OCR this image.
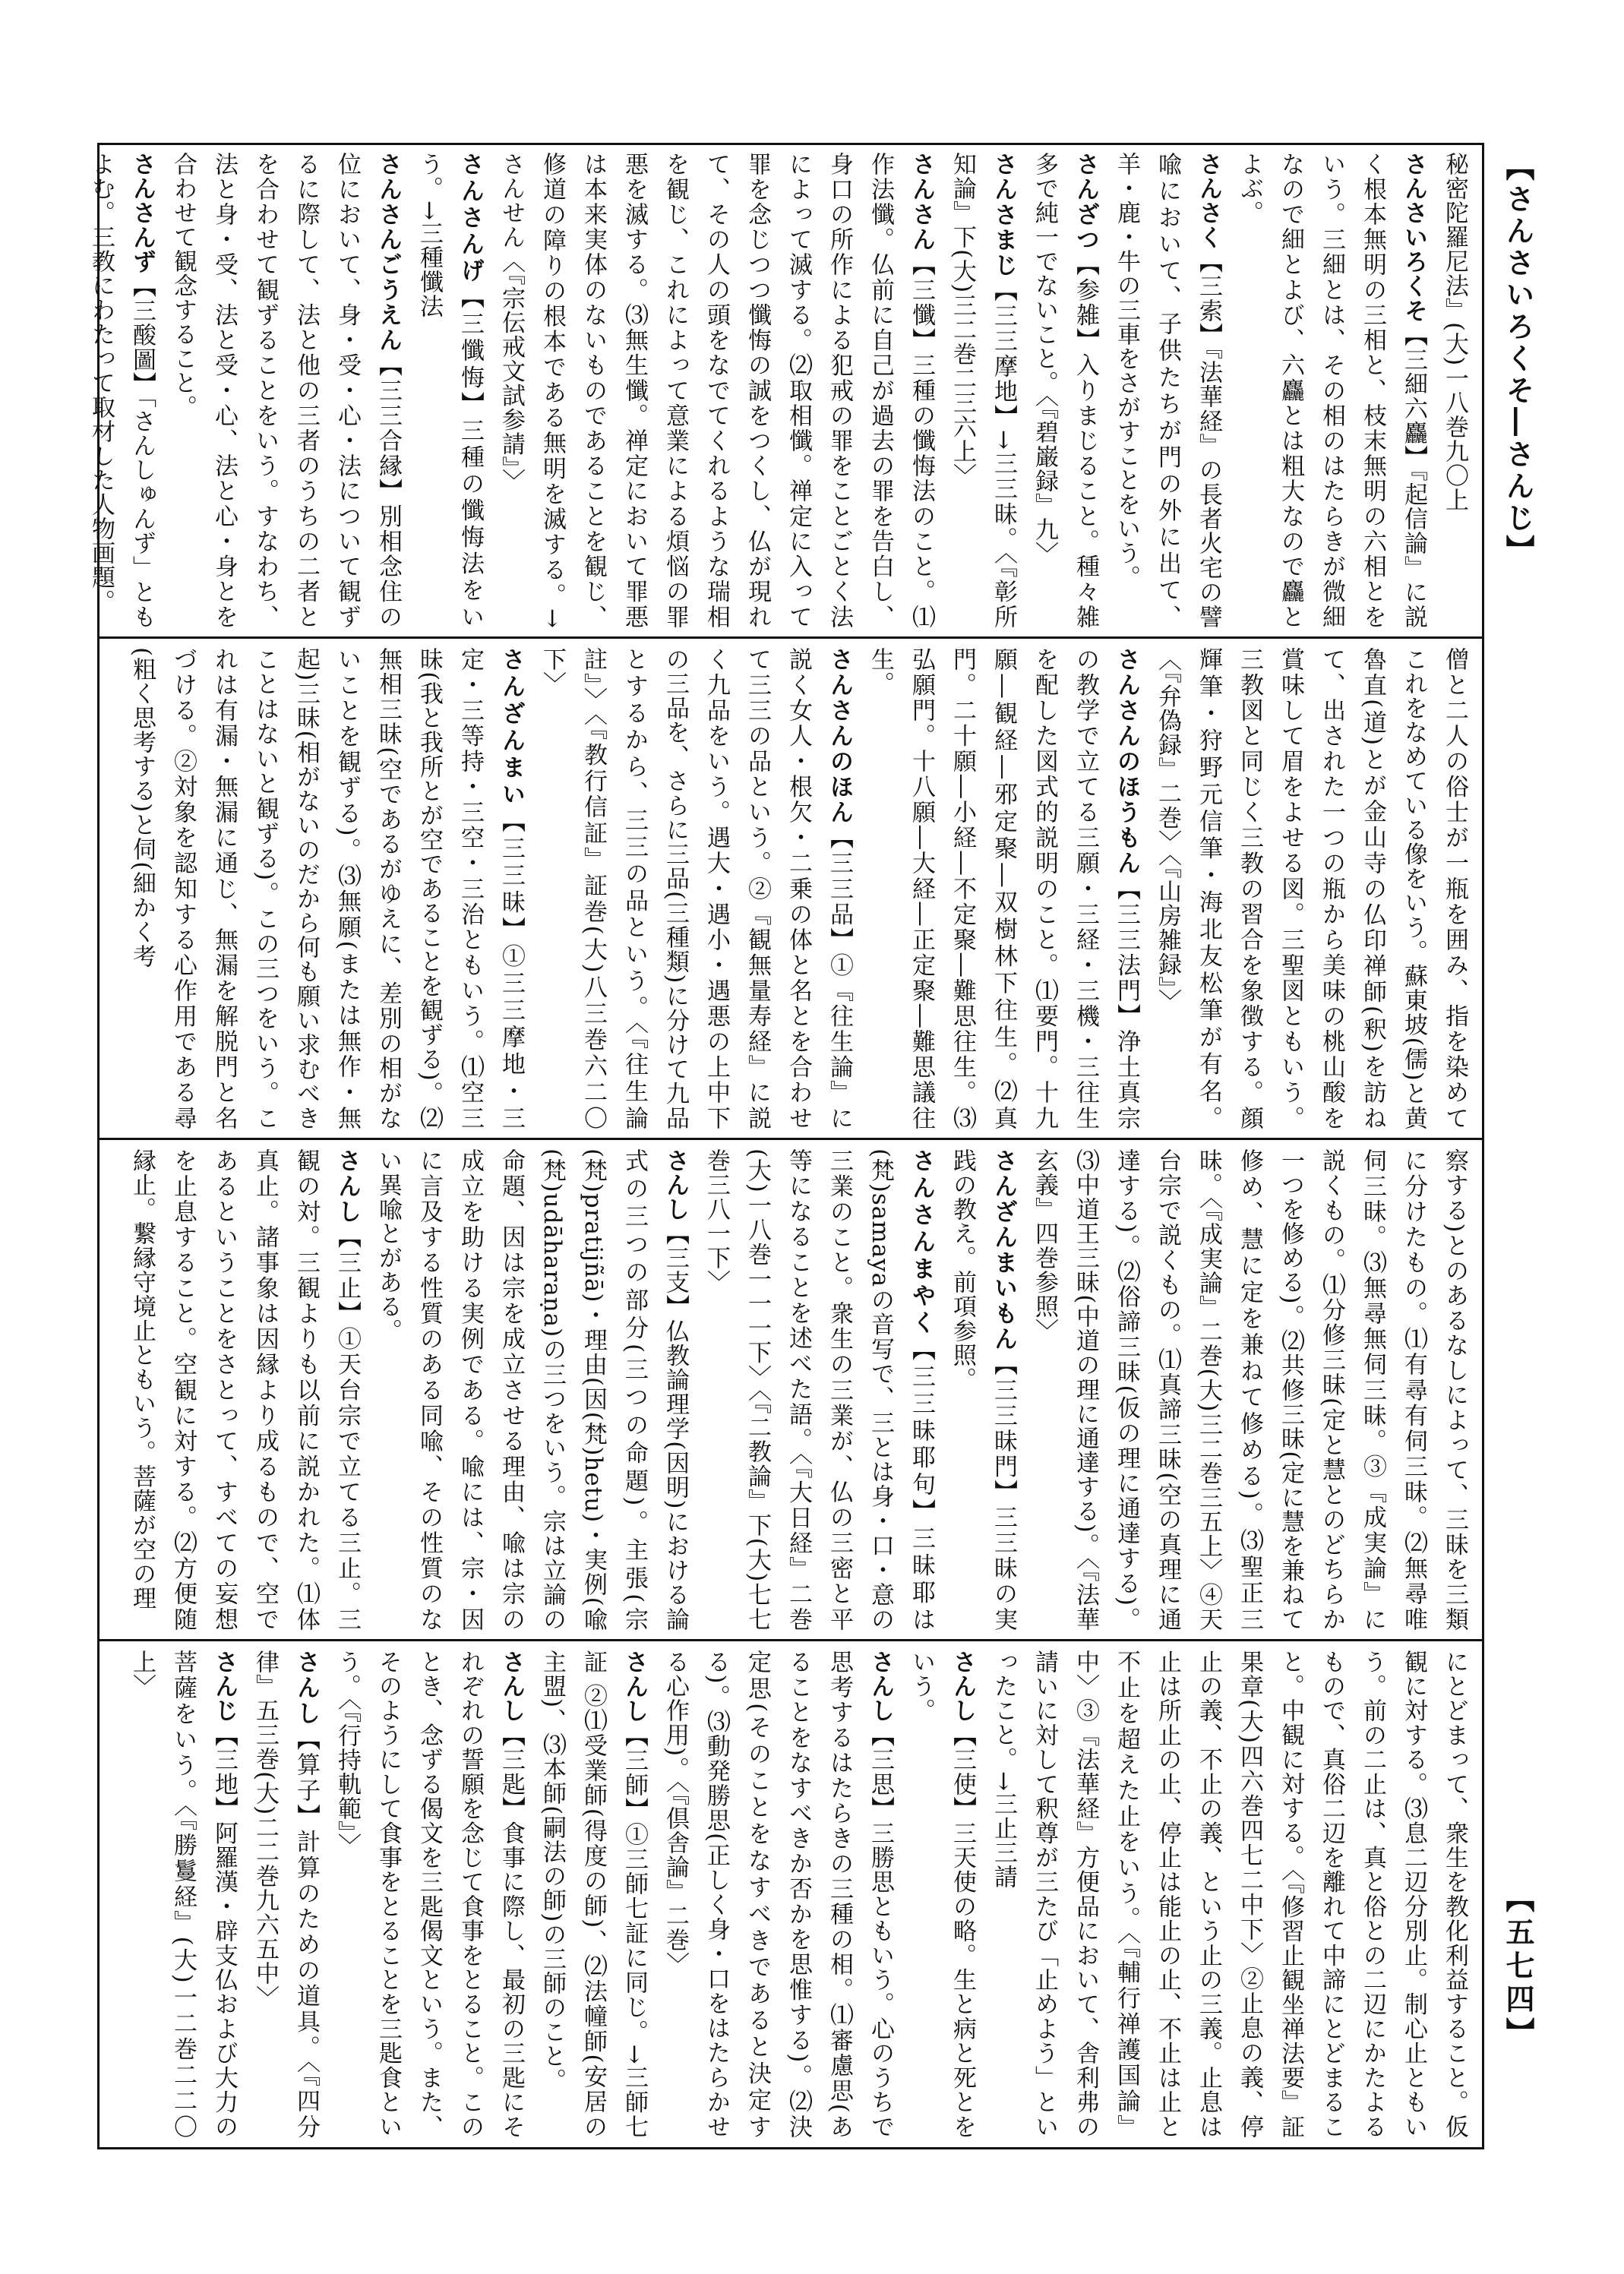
【さんさいろくそ―さんじ】
【五七四】
秘密陀羅尼法』(大)一八巻九〇上
さんさいろくそ【三細六麤】『起信論』に説く根本無明の三相と、枝末無明の六相とをいう。三細とは、その相のはたらきが微細なので細とよび、六麤とは粗大なので麤とよぶ。
さんさく【三索】『法華経』の長者火宅の譬喩において、子供たちが門の外に出て、羊・鹿・牛の三車をさがすことをいう。
さんざつ【参雑】入りまじること。種々雑多で純一でないこと。〈『碧巌録』九〉
さんさまじ【三三摩地】→三三昧。〈『彰所知論』下(大)三二巻二三六上〉
さんさん【三懺】三種の懺悔法のこと。⑴作法懺。仏前に自己が過去の罪を告白し、身口の所作による犯戒の罪をことごとく法によって滅する。⑵取相懺。禅定に入って罪を念じつつ懺悔の誠をつくし、仏が現れて、その人の頭をなでてくれるような瑞相を観じ、これによって意業による煩悩の罪悪を滅する。⑶無生懺。禅定において罪悪は本来実体のないものであることを観じ、修道の障りの根本である無明を滅する。→さんせん〈『宗伝戒文試参請』〉
さんさんげ【三懺悔】三種の懺悔法をいう。→三種懺法
さんさんごうえん【三三合縁】別相念住の位において、身・受・心・法について観ずるに際して、法と他の三者のうちの二者とを合わせて観ずることをいう。すなわち、法と身・受、法と受・心、法と心・身とを合わせて観念すること。
さんさんず【三酸圖】「さんしゅんず」ともよむ。三教にわたって取材した人物画題。
僧と二人の俗士が一瓶を囲み、指を染めてこれをなめている像をいう。蘇東坡(儒)と黄魯直(道)とが金山寺の仏印禅師(釈)を訪ねて、出された一つの瓶から美味の桃山酸を賞味して眉をよせる図。三聖図ともいう。三教図と同じく三教の習合を象徴する。顔輝筆・狩野元信筆・海北友松筆が有名。〈『弁偽録』二巻〉〈『山房雑録』〉
さんさんのほうもん【三三法門】浄土真宗の教学で立てる三願・三経・三機・三往生を配した図式的説明のこと。⑴要門。十九願―観経―邪定聚―双樹林下往生。⑵真門。二十願―小経―不定聚―難思往生。⑶弘願門。十八願―大経―正定聚―難思議往生。
さんさんのほん【三三品】①『往生論』に説く女人・根欠・二乗の体と名とを合わせて三三の品という。②『観無量寿経』に説く九品をいう。遇大・遇小・遇悪の上中下の三品を、さらに三品(三種類)に分けて九品とするから、三三の品という。〈『往生論註』〉〈『教行信証』証巻(大)八三巻六二〇下〉
さんざんまい【三三昧】①三三摩地・三定・三等持・三空・三治ともいう。⑴空三昧(我と我所とが空であることを観ずる)。⑵無相三昧(空であるがゆえに、差別の相がないことを観ずる)。⑶無願(または無作・無起)三昧(相がないのだから何も願い求むべきことはないと観ずる)。この三つをいう。これは有漏・無漏に通じ、無漏を解脱門と名づける。②対象を認知する心作用である尋(粗く思考する)と伺(細かく考
察する)とのあるなしによって、三昧を三類に分けたもの。⑴有尋有伺三昧。⑵無尋唯伺三昧。⑶無尋無伺三昧。③『成実論』に説くもの。⑴分修三昧(定と慧とのどちらか一つを修める)。⑵共修三昧(定に慧を兼ねて修め、慧に定を兼ねて修める)。⑶聖正三昧。〈『成実論』二巻(大)三二巻三五上〉④天台宗で説くもの。⑴真諦三昧(空の真理に通達する)。⑵俗諦三昧(仮の理に通達する)。⑶中道王三昧(中道の理に通達する)。〈『法華玄義』四巻参照〉
さんざんまいもん【三三昧門】三三昧の実践の教え。前項参照。
さんさんまやく【三三昧耶句】三昧耶は(梵)samayaの音写で、三とは身・口・意の三業のこと。衆生の三業が、仏の三密と平等になることを述べた語。〈『大日経』二巻(大)一八巻一一一下〉〈『二教論』下(大)七七巻三八一下〉
さんし【三支】仏教論理学(因明)における論式の三つの部分(三つの命題)。主張(宗(梵)pratijñā)・理由(因(梵)hetu)・実例(喩(梵)udāharaṇa)の三つをいう。宗は立論の命題、因は宗を成立させる理由、喩は宗の成立を助ける実例である。喩には、宗・因に言及する性質のある同喩、その性質のない異喩とがある。
さんし【三止】①天台宗で立てる三止。三観の対。三観よりも以前に説かれた。⑴体真止。諸事象は因縁より成るもので、空であるということをさとって、すべての妄想を止息すること。空観に対する。⑵方便随縁止。繋縁守境止ともいう。菩薩が空の理
にとどまって、衆生を教化利益すること。仮観に対する。⑶息二辺分別止。制心止ともいう。前の二止は、真と俗との二辺にかたよるもので、真俗二辺を離れて中諦にとどまること。中観に対する。〈『修習止観坐禅法要』証果章(大)四六巻四七二中下〉②止息の義、停止の義、不止の義、という止の三義。止息は止は所止の止、停止は能止の止、不止は止と不止を超えた止をいう。〈『輔行禅護国論』中〉③『法華経』方便品において、舎利弗の請いに対して釈尊が三たび「止めよう」といったこと。→三止三請
さんし【三使】三天使の略。生と病と死とをいう。
さんし【三思】三勝思ともいう。心のうちで思考するはたらきの三種の相。⑴審慮思(あることをなすべきか否かを思惟する)。⑵決定思(そのことをなすべきであると決定する)。⑶動発勝思(正しく身・口をはたらかせる心作用)。〈『倶舎論』二巻〉
さんし【三師】①三師七証に同じ。→三師七証 ②⑴受業師(得度の師)、⑵法幢師(安居の主盟)、⑶本師(嗣法の師)の三師のこと。
さんし【三匙】食事に際し、最初の三匙にそれぞれの誓願を念じて食事をとること。このとき、念ずる偈文を三匙偈文という。また、そのようにして食事をとることを三匙食という。〈『行持軌範』〉
さんし【算子】計算のための道具。〈『四分律』五三巻(大)二二巻九六五中〉
さんじ【三地】阿羅漢・辟支仏および大力の菩薩をいう。〈『勝鬘経』(大)一二巻二二〇上〉
